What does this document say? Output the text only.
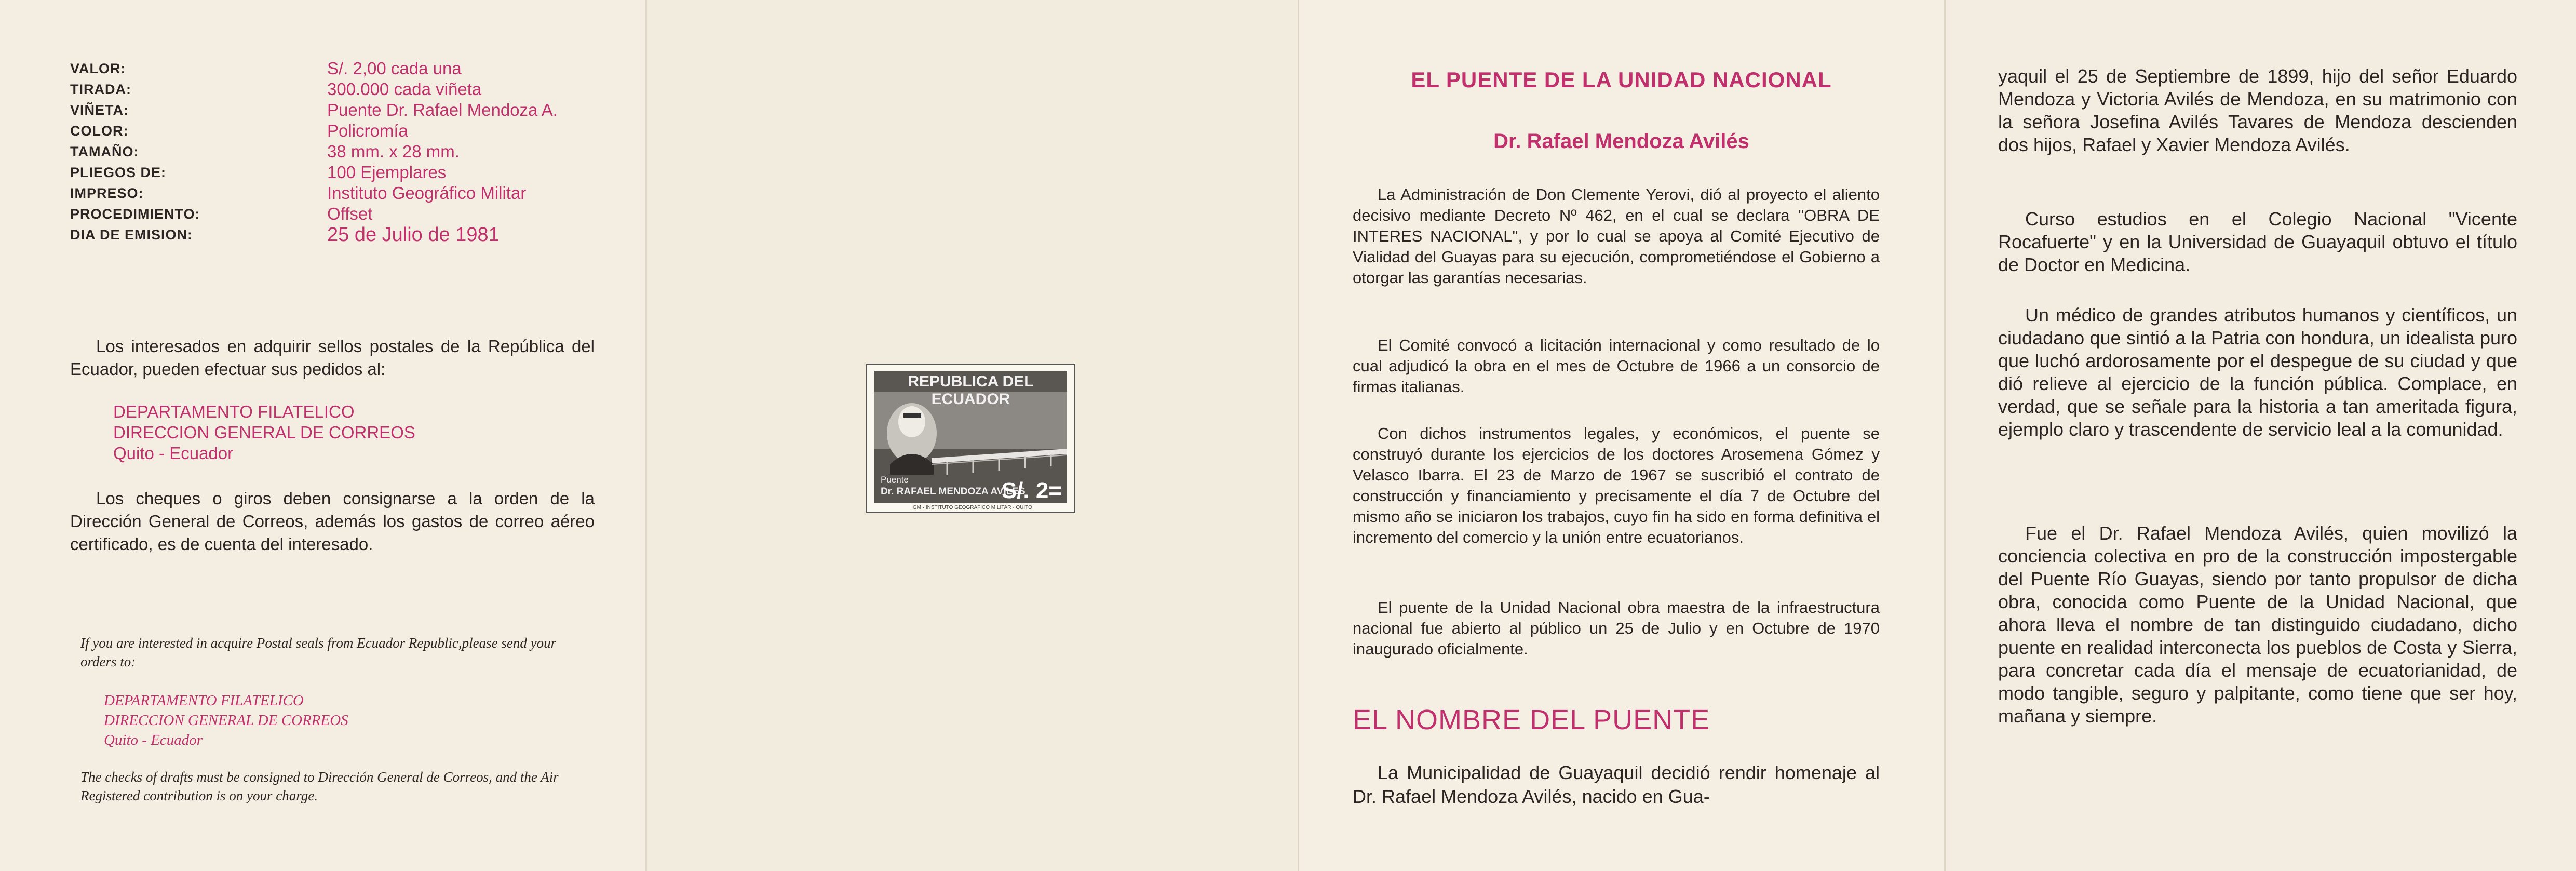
VALOR:	S/. 2,00 cada una
TIRADA:	300.000 cada viñeta
VIÑETA:	Puente Dr. Rafael Mendoza A.
COLOR:	Policromía
TAMAÑO:	38 mm. x 28 mm.
PLIEGOS DE:	100 Ejemplares
IMPRESO:	Instituto Geográfico Militar
PROCEDIMIENTO:	Offset
DIA DE EMISION:	25 de Julio de 1981
Los interesados en adquirir sellos postales de la República del Ecuador, pueden efectuar sus pedidos al:
DEPARTAMENTO FILATELICO
DIRECCION GENERAL DE CORREOS
Quito - Ecuador
Los cheques o giros deben consignarse a la orden de la Dirección General de Correos, además los gastos de correo aéreo certificado, es de cuenta del interesado.
If you are interested in acquire Postal seals from Ecuador Republic,please send your orders to:
DEPARTAMENTO FILATELICO
DIRECCION GENERAL DE CORREOS
Quito - Ecuador
The checks of drafts must be consigned to Dirección General de Correos, and the Air Registered contribution is on your charge.
REPUBLICA DEL ECUADOR
Puente
Dr. RAFAEL MENDOZA AVILES
S/. 2=
IGM · INSTITUTO GEOGRAFICO MILITAR · QUITO
EL PUENTE DE LA UNIDAD NACIONAL
Dr. Rafael Mendoza Avilés

La Administración de Don Clemente Yerovi, dió al proyecto el aliento decisivo mediante Decreto Nº 462, en el cual se declara "OBRA DE INTERES NACIONAL", y por lo cual se apoya al Comité Ejecutivo de Vialidad del Guayas para su ejecución, comprometiéndose el Gobierno a otorgar las garantías necesarias.

El Comité convocó a licitación internacional y como resultado de lo cual adjudicó la obra en el mes de Octubre de 1966 a un consorcio de firmas italianas.

Con dichos instrumentos legales, y económicos, el puente se construyó durante los ejercicios de los doctores Arosemena Gómez y Velasco Ibarra. El 23 de Marzo de 1967 se suscribió el contrato de construcción y financiamiento y precisamente el día 7 de Octubre del mismo año se iniciaron los trabajos, cuyo fin ha sido en forma definitiva el incremento del comercio y la unión entre ecuatorianos.

El puente de la Unidad Nacional obra maestra de la infraestructura nacional fue abierto al público un 25 de Julio y en Octubre de 1970 inaugurado oficialmente.

EL NOMBRE DEL PUENTE

La Municipalidad de Guayaquil decidió rendir homenaje al Dr. Rafael Mendoza Avilés, nacido en Gua-

yaquil el 25 de Septiembre de 1899, hijo del señor Eduardo Mendoza y Victoria Avilés de Mendoza, en su matrimonio con la señora Josefina Avilés Tavares de Mendoza descienden dos hijos, Rafael y Xavier Mendoza Avilés.

Curso estudios en el Colegio Nacional "Vicente Rocafuerte" y en la Universidad de Guayaquil obtuvo el título de Doctor en Medicina.

Un médico de grandes atributos humanos y científicos, un ciudadano que sintió a la Patria con hondura, un idealista puro que luchó ardorosamente por el despegue de su ciudad y que dió relieve al ejercicio de la función pública. Complace, en verdad, que se señale para la historia a tan ameritada figura, ejemplo claro y trascendente de servicio leal a la comunidad.

Fue el Dr. Rafael Mendoza Avilés, quien movilizó la conciencia colectiva en pro de la construcción impostergable del Puente Río Guayas, siendo por tanto propulsor de dicha obra, conocida como Puente de la Unidad Nacional, que ahora lleva el nombre de tan distinguido ciudadano, dicho puente en realidad interconecta los pueblos de Costa y Sierra, para concretar cada día el mensaje de ecuatorianidad, de modo tangible, seguro y palpitante, como tiene que ser hoy, mañana y siempre.
